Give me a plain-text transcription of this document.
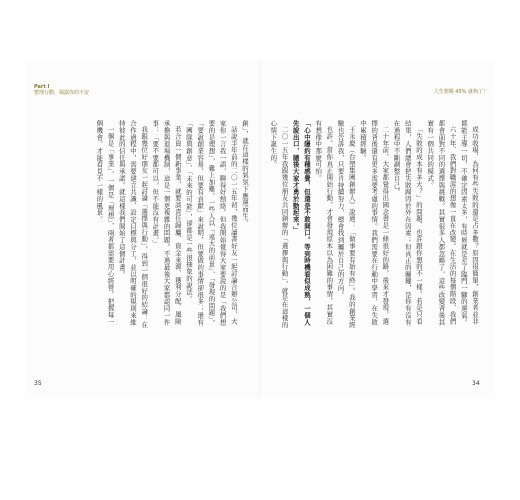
Part I
整理行動，揭露你的不安	人生想變 45% 就夠了！

成功收場、為何有些失敗的還是占多數？原因很簡單，創業者並非都能主導一切，不確定因素太多，有時候就是差了臨門一腳的運氣。

六十年、我們對職涯的想像一直在改變。在生活的每個階段，我們都會面對不同的選擇與挑戰。其實很多人都忽略了，這些改變背後其實有一個共同的模式。

「失敗的成本有多大？」的問題、也許跟你想的不一樣。若是只看結果，人們總會把失敗歸因於外在因素；但真正的關鍵，是你有沒有在過程中不斷調整自己。

二十年前，大家都覺得出國念書是一條很好的路，後來才發現，選擇的背後還有更多需要考慮的事情。我們需要在行動中學習，在失敗中累積經驗。

王永慶（台塑集團創辦人）說過：「做事要有始有終」。我的創業經驗也告訴我，只要肯持續努力，總會找到屬於自己的方向。

也許，當你真正開始行動，才會發現原本以為困難的事情，其實沒有想像中那麼可怕。

「心中隱約有種感覺，但還是不敢開口。等到時機看似成熟，一個人先說出口，隨後大家才勇於動起來。」

二〇一五年我跟幾位朋友共同創辦的「選擇與行動」，就是在這樣的心情下誕生的。

創」，就在這樣的氣氛下應運而生。

話說半年前的二〇一五年初，幾位讀書好友一起討論合辦公司，大家你一言我一語，聊得好熱絡。但我開始覺得大家要說的是「我們想要的是理想」，難上加難。一些人以「遠大的前景」、「發現的問題」，「要說創業容易，但要有貢獻」來說明，但要做的事情卻很多；還有「團隊與創意」、「未來的可能」，卻都是一些很抽象的說法。

若合資一個新事業，就要談責任歸屬、資金來源、獲利分配、風險承擔與退場機制，這是一個更複雜的問題。不過最後大家都認同一件事：「要不要都可以，但不能沒有計畫。」

我跟幾位好朋友一起討論「選擇與行動」，得到一個很好的結論：在合作過程中，需要建立共識、設定目標與分工，並以明確的規則來維持彼此的信任與承諾。就這樣我們開始了這個計畫。

一個是「事業」，一個是「理想」，兩者都需要用心經營。把握每一個機會，才能看見不一樣的風景。

35	34
